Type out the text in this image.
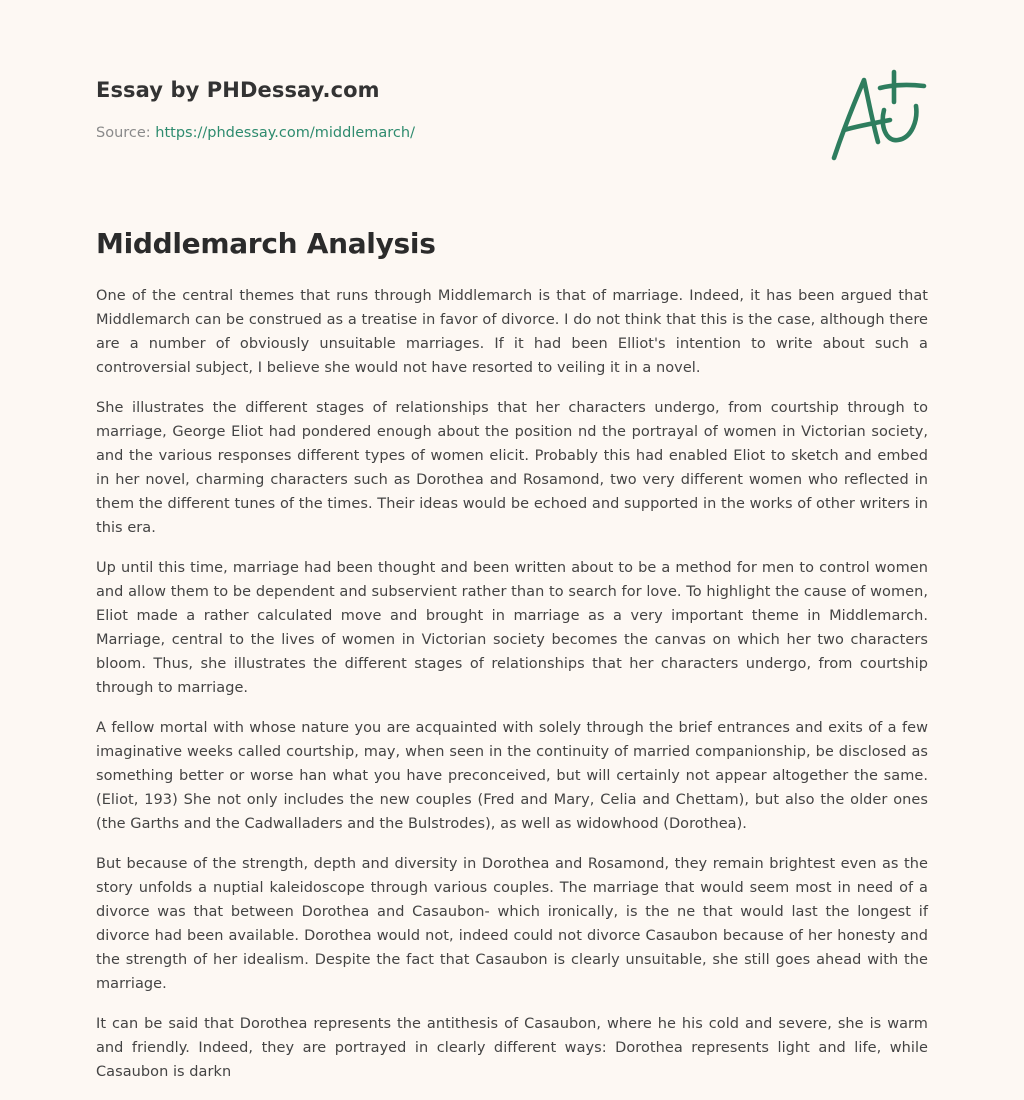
Essay by PHDessay.com
Source: https://phdessay.com/middlemarch/
Middlemarch Analysis

One of the central themes that runs through Middlemarch is that of marriage. Indeed, it has been argued that Middlemarch can be construed as a treatise in favor of divorce. I do not think that this is the case, although there are a number of obviously unsuitable marriages. If it had been Elliot's intention to write about such a controversial subject, I believe she would not have resorted to veiling it in a novel.

She illustrates the different stages of relationships that her characters undergo, from courtship through to marriage, George Eliot had pondered enough about the position nd the portrayal of women in Victorian society, and the various responses different types of women elicit. Probably this had enabled Eliot to sketch and embed in her novel, charming characters such as Dorothea and Rosamond, two very different women who reflected in them the different tunes of the times. Their ideas would be echoed and supported in the works of other writers in this era.

Up until this time, marriage had been thought and been written about to be a method for men to control women and allow them to be dependent and subservient rather than to search for love. To highlight the cause of women, Eliot made a rather calculated move and brought in marriage as a very important theme in Middlemarch. Marriage, central to the lives of women in Victorian society becomes the canvas on which her two characters bloom. Thus, she illustrates the different stages of relationships that her characters undergo, from courtship through to marriage.

A fellow mortal with whose nature you are acquainted with solely through the brief entrances and exits of a few imaginative weeks called courtship, may, when seen in the continuity of married companionship, be disclosed as something better or worse han what you have preconceived, but will certainly not appear altogether the same. (Eliot, 193) She not only includes the new couples (Fred and Mary, Celia and Chettam), but also the older ones (the Garths and the Cadwalladers and the Bulstrodes), as well as widowhood (Dorothea).

But because of the strength, depth and diversity in Dorothea and Rosamond, they remain brightest even as the story unfolds a nuptial kaleidoscope through various couples. The marriage that would seem most in need of a divorce was that between Dorothea and Casaubon- which ironically, is the ne that would last the longest if divorce had been available. Dorothea would not, indeed could not divorce Casaubon because of her honesty and the strength of her idealism. Despite the fact that Casaubon is clearly unsuitable, she still goes ahead with the marriage.

It can be said that Dorothea represents the antithesis of Casaubon, where he his cold and severe, she is warm and friendly. Indeed, they are portrayed in clearly different ways: Dorothea represents light and life, while Casaubon is darkn
